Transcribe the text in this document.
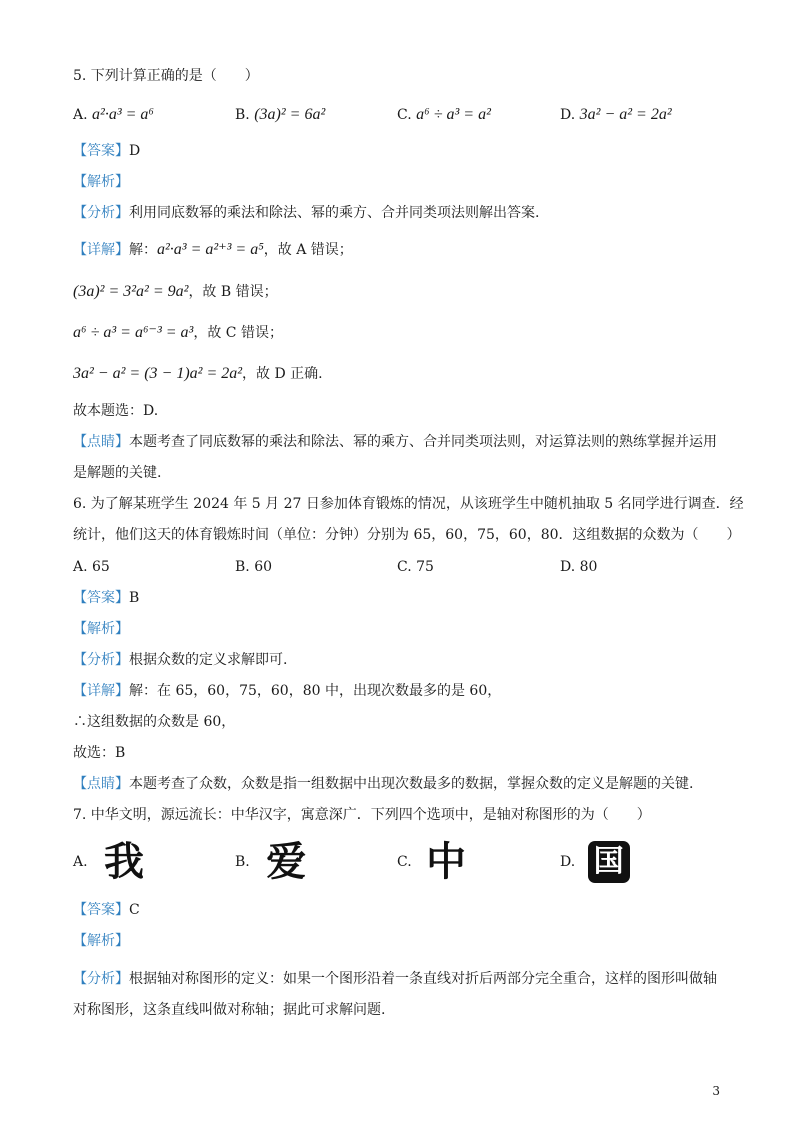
5. 下列计算正确的是（　　）
A. a²·a³ = a⁶	B. (3a)² = 6a²	C. a⁶ ÷ a³ = a²	D. 3a² − a² = 2a²
【答案】D
【解析】
【分析】利用同底数幂的乘法和除法、幂的乘方、合并同类项法则解出答案.
【详解】解：a²·a³ = a²⁺³ = a⁵，故 A 错误；
(3a)² = 3²a² = 9a²，故 B 错误；
a⁶ ÷ a³ = a⁶⁻³ = a³，故 C 错误；
3a² − a² = (3 − 1)a² = 2a²，故 D 正确.
故本题选：D.
【点睛】本题考查了同底数幂的乘法和除法、幂的乘方、合并同类项法则，对运算法则的熟练掌握并运用
是解题的关键.
6. 为了解某班学生 2024 年 5 月 27 日参加体育锻炼的情况，从该班学生中随机抽取 5 名同学进行调查．经
统计，他们这天的体育锻炼时间（单位：分钟）分别为 65，60，75，60，80．这组数据的众数为（　　）
A. 65	B. 60	C. 75	D. 80
【答案】B
【解析】
【分析】根据众数的定义求解即可.
【详解】解：在 65，60，75，60，80 中，出现次数最多的是 60，
∴这组数据的众数是 60，
故选：B
【点睛】本题考查了众数，众数是指一组数据中出现次数最多的数据，掌握众数的定义是解题的关键.
7. 中华文明，源远流长：中华汉字，寓意深广．下列四个选项中，是轴对称图形的为（　　）
A. 我	B. 爱	C. 中	D. 国
【答案】C
【解析】
【分析】根据轴对称图形的定义：如果一个图形沿着一条直线对折后两部分完全重合，这样的图形叫做轴
对称图形，这条直线叫做对称轴；据此可求解问题.
3
